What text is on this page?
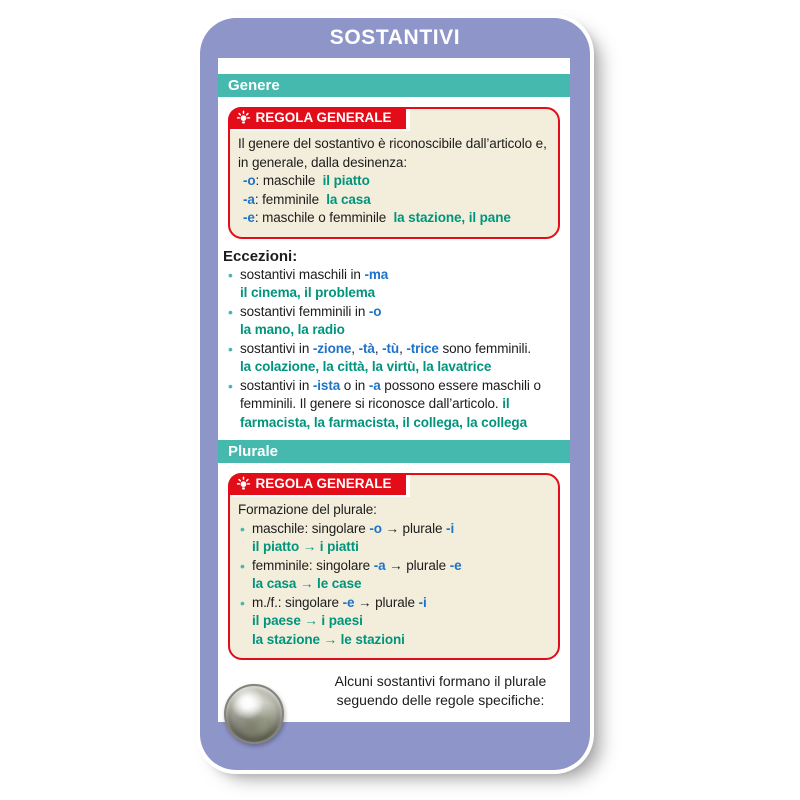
SOSTANTIVI
Genere
REGOLA GENERALE
Il genere del sostantivo è riconoscibile dall’articolo e, in generale, dalla desinenza:
-o: maschile  il piatto
-a: femminile  la casa
-e: maschile o femminile  la stazione, il pane
Eccezioni:
• sostantivi maschili in -ma
il cinema, il problema
• sostantivi femminili in -o
la mano, la radio
• sostantivi in -zione, -tà, -tù, -trice sono femminili.
la colazione, la città, la virtù, la lavatrice
• sostantivi in -ista o in -a possono essere maschili o femminili. Il genere si riconosce dall’articolo. il farmacista, la farmacista, il collega, la collega
Plurale
REGOLA GENERALE
Formazione del plurale:
• maschile: singolare -o → plurale -i
il piatto → i piatti
• femminile: singolare -a → plurale -e
la casa → le case
• m./f.: singolare -e → plurale -i
il paese → i paesi
la stazione → le stazioni
Alcuni sostantivi formano il plurale
seguendo delle regole specifiche:
